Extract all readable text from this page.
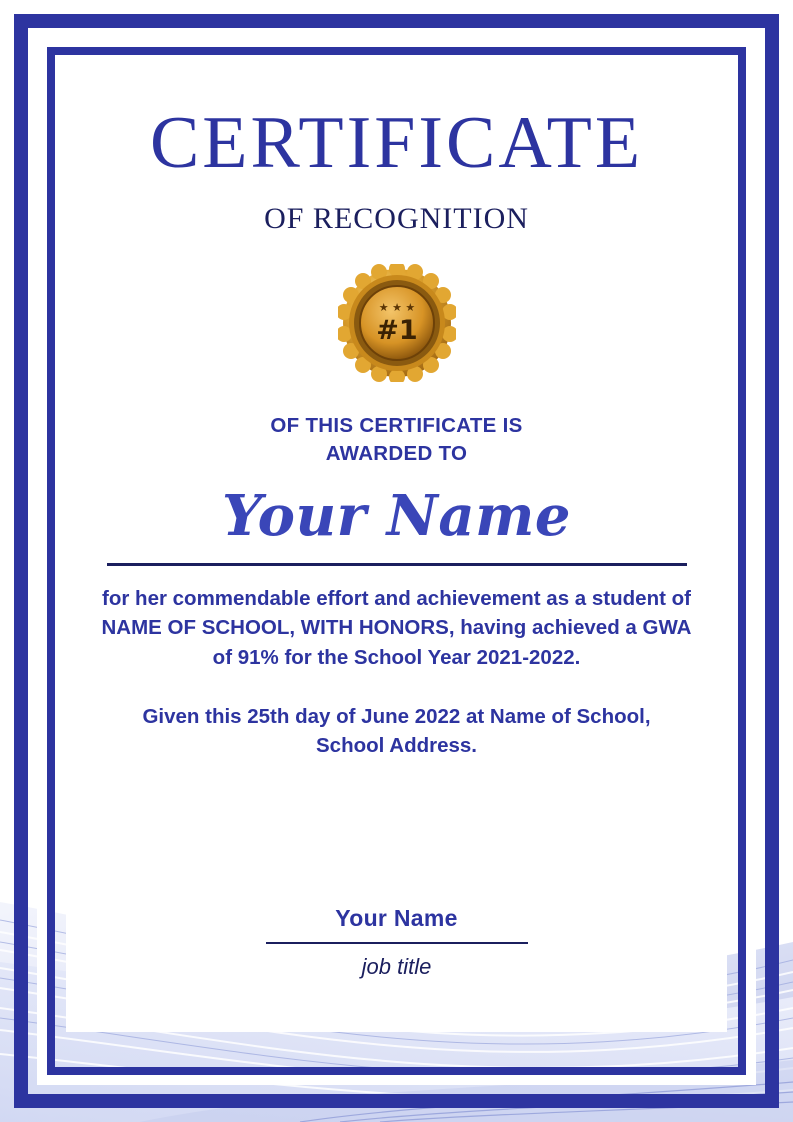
CERTIFICATE
OF RECOGNITION
★ ★ ★
#1
OF THIS CERTIFICATE IS
AWARDED TO
Your Name
for her commendable effort and achievement as a student of NAME OF SCHOOL, WITH HONORS, having achieved a GWA of 91% for the School Year 2021-2022.
Given this 25th day of June 2022 at Name of School, School Address.
Your Name
job title
